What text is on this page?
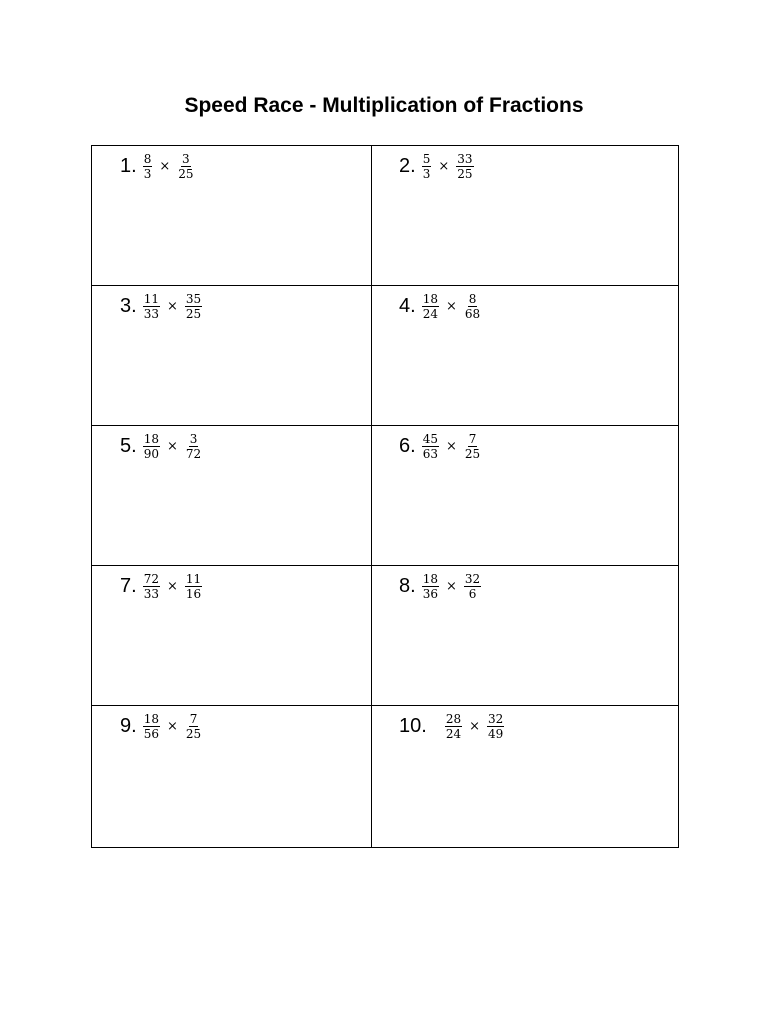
Speed Race - Multiplication of Fractions
1. $\frac{8}{3} \times \frac{3}{25}$	2. $\frac{5}{3} \times \frac{33}{25}$
3. $\frac{11}{33} \times \frac{35}{25}$	4. $\frac{18}{24} \times \frac{8}{68}$
5. $\frac{18}{90} \times \frac{3}{72}$	6. $\frac{45}{63} \times \frac{7}{25}$
7. $\frac{72}{33} \times \frac{11}{16}$	8. $\frac{18}{36} \times \frac{32}{6}$
9. $\frac{18}{56} \times \frac{7}{25}$	10. $\frac{28}{24} \times \frac{32}{49}$
